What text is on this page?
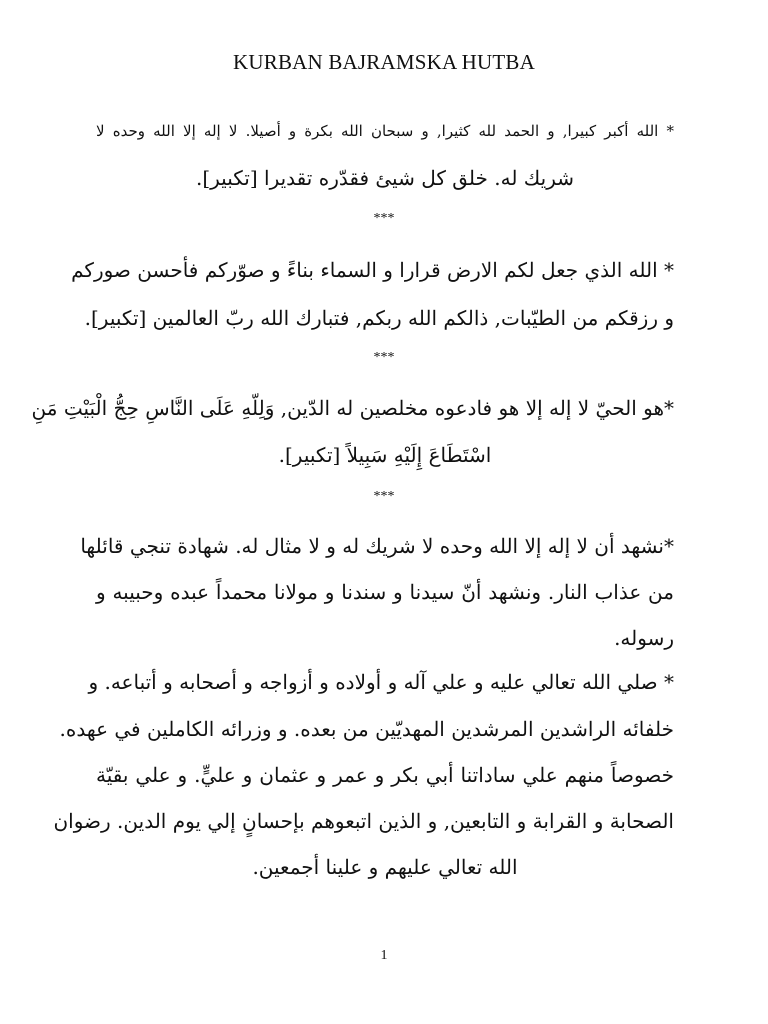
KURBAN BAJRAMSKA HUTBA
* الله أكبر كبيرا, و الحمد لله كثيرا, و سبحان الله بكرة و أصيلا. لا إله إلا الله وحده لا
شريك له. خلق كل شيئ فقدّره تقديرا [تكبير].
***
* الله الذي جعل لكم الارض قرارا و السماء بناءً و صوّركم فأحسن صوركم
و رزقكم من الطيّبات, ذالكم الله ربكم, فتبارك الله ربّ العالمين [تكبير].
***
*هو الحيّ لا إله إلا هو فادعوه مخلصين له الدّين, وَلِلّهِ عَلَى النَّاسِ حِجُّ الْبَيْتِ مَنِ
اسْتَطَاعَ إِلَيْهِ سَبِيلاً [تكبير].
***
*نشهد أن لا إله إلا الله وحده لا شريك له و لا مثال له. شهادة تنجي قائلها
من عذاب النار. ونشهد أنّ سيدنا و سندنا و مولانا محمداً عبده وحبيبه و
رسوله.
* صلي الله تعالي عليه و علي آله و أولاده و أزواجه و أصحابه و أتباعه. و
خلفائه الراشدين المرشدين المهديّين من بعده. و وزرائه الكاملين في عهده.
خصوصاً منهم علي ساداتنا أبي بكر و عمر و عثمان و عليٍّ. و علي بقيّة
الصحابة و القرابة و التابعين, و الذين اتبعوهم بإحسانٍ إلي يوم الدين. رضوان
الله تعالي عليهم و علينا أجمعين.
1
